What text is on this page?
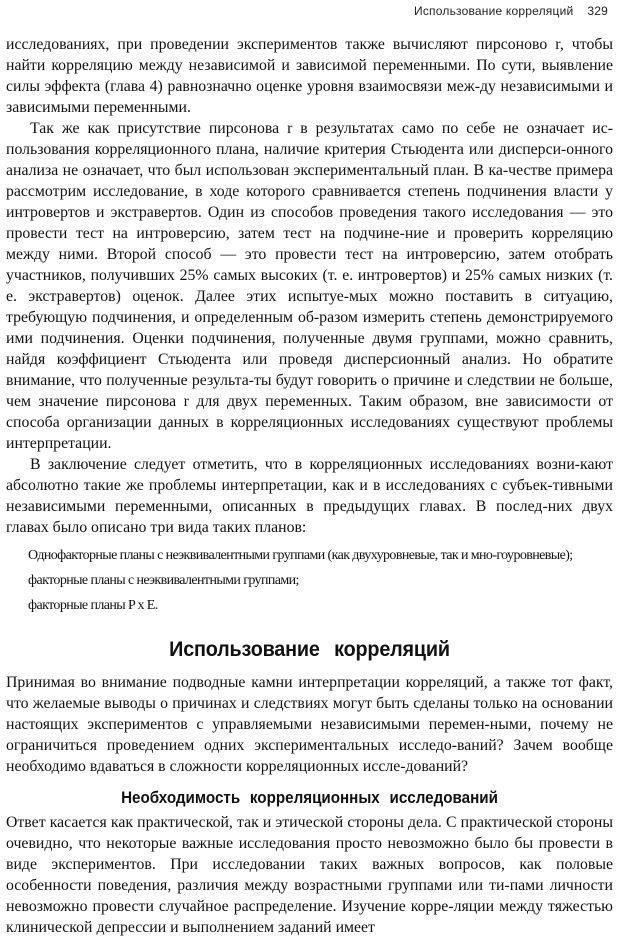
Использование корреляций 329

исследованиях, при проведении экспериментов также вычисляют пирсоново r, чтобы найти корреляцию между независимой и зависимой переменными. По сути, выявление силы эффекта (глава 4) равнозначно оценке уровня взаимосвязи меж-ду независимыми и зависимыми переменными.

Так же как присутствие пирсонова r в результатах само по себе не означает ис-пользования корреляционного плана, наличие критерия Стьюдента или дисперси-онного анализа не означает, что был использован экспериментальный план. В ка-честве примера рассмотрим исследование, в ходе которого сравнивается степень подчинения власти у интровертов и экстравертов. Один из способов проведения такого исследования — это провести тест на интроверсию, затем тест на подчине-ние и проверить корреляцию между ними. Второй способ — это провести тест на интроверсию, затем отобрать участников, получивших 25% самых высоких (т. е. интровертов) и 25% самых низких (т. е. экстравертов) оценок. Далее этих испытуе-мых можно поставить в ситуацию, требующую подчинения, и определенным об-разом измерить степень демонстрируемого ими подчинения. Оценки подчинения, полученные двумя группами, можно сравнить, найдя коэффициент Стьюдента или проведя дисперсионный анализ. Но обратите внимание, что полученные результа-ты будут говорить о причине и следствии не больше, чем значение пирсонова r для двух переменных. Таким образом, вне зависимости от способа организации данных в корреляционных исследованиях существуют проблемы интерпретации.

В заключение следует отметить, что в корреляционных исследованиях возни-кают абсолютно такие же проблемы интерпретации, как и в исследованиях с субъек-тивными независимыми переменными, описанных в предыдущих главах. В послед-них двух главах было описано три вида таких планов:

Однофакторные планы с неэквивалентными группами (как двухуровневые, так и мно-гоуровневые);

факторные планы с неэквивалентными группами;

факторные планы P x E.

Использование корреляций

Принимая во внимание подводные камни интерпретации корреляций, а также тот факт, что желаемые выводы о причинах и следствиях могут быть сделаны только на основании настоящих экспериментов с управляемыми независимыми перемен-ными, почему не ограничиться проведением одних экспериментальных исследо-ваний? Зачем вообще необходимо вдаваться в сложности корреляционных иссле-дований?

Необходимость корреляционных исследований

Ответ касается как практической, так и этической стороны дела. С практической стороны очевидно, что некоторые важные исследования просто невозможно было бы провести в виде экспериментов. При исследовании таких важных вопросов, как половые особенности поведения, различия между возрастными группами или ти-пами личности невозможно провести случайное распределение. Изучение корре-ляции между тяжестью клинической депрессии и выполнением заданий имеет
